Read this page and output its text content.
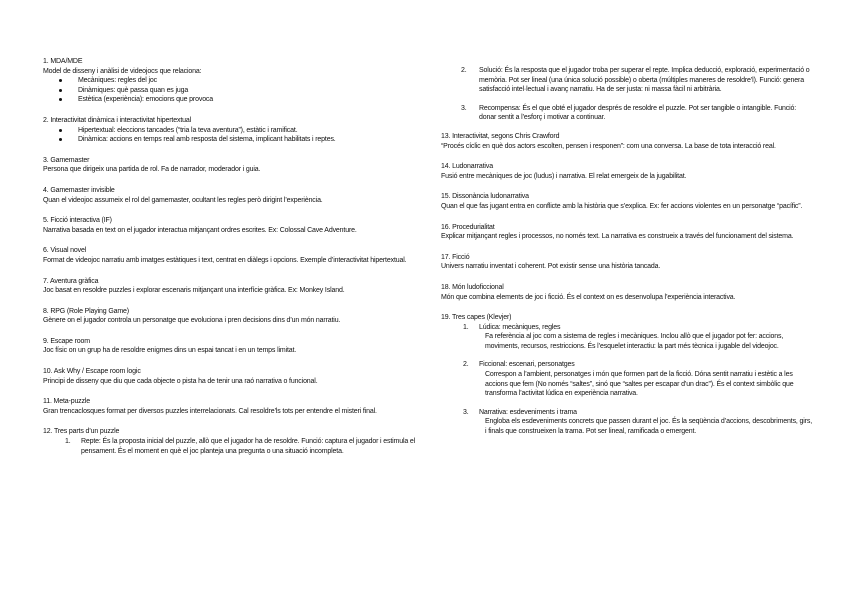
1. MDA/MDE
Model de disseny i anàlisi de videojocs que relaciona:
Mecàniques: regles del joc
Dinàmiques: què passa quan es juga
Estètica (experiència): emocions que provoca
2. Interactivitat dinàmica i interactivitat hipertextual
Hipertextual: eleccions tancades (“tria la teva aventura”), estàtic i ramificat.
Dinàmica: accions en temps real amb resposta del sistema, implicant habilitats i reptes.
3. Gamemaster
Persona que dirigeix una partida de rol. Fa de narrador, moderador i guia.
4. Gamemaster invisible
Quan el videojoc assumeix el rol del gamemaster, ocultant les regles però dirigint l’experiència.
5. Ficció interactiva (IF)
Narrativa basada en text on el jugador interactua mitjançant ordres escrites. Ex: Colossal Cave Adventure.
6. Visual novel
Format de videojoc narratiu amb imatges estàtiques i text, centrat en diàlegs i opcions. Exemple d’interactivitat hipertextual.
7. Aventura gràfica
Joc basat en resoldre puzzles i explorar escenaris mitjançant una interfície gràfica. Ex: Monkey Island.
8. RPG (Role Playing Game)
Gènere on el jugador controla un personatge que evoluciona i pren decisions dins d’un món narratiu.
9. Escape room
Joc físic on un grup ha de resoldre enigmes dins un espai tancat i en un temps limitat.
10. Ask Why / Escape room logic
Principi de disseny que diu que cada objecte o pista ha de tenir una raó narrativa o funcional.
11. Meta-puzzle
Gran trencaclosques format per diversos puzzles interrelacionats. Cal resoldre’ls tots per entendre el misteri final.
12. Tres parts d’un puzzle
1. Repte: És la proposta inicial del puzzle, allò que el jugador ha de resoldre. Funció: captura el jugador i estimula el pensament. És el moment en què el joc planteja una pregunta o una situació incompleta.
2. Solució: És la resposta que el jugador troba per superar el repte. Implica deducció, exploració, experimentació o memòria. Pot ser lineal (una única solució possible) o oberta (múltiples maneres de resoldre’l). Funció: genera satisfacció intel·lectual i avanç narratiu. Ha de ser justa: ni massa fàcil ni arbitrària.
3. Recompensa: És el que obté el jugador després de resoldre el puzzle. Pot ser tangible o intangible. Funció: donar sentit a l’esforç i motivar a continuar.
13. Interactivitat, segons Chris Crawford
“Procés cíclic en què dos actors escolten, pensen i responen”: com una conversa. La base de tota interacció real.
14. Ludonarrativa
Fusió entre mecàniques de joc (ludus) i narrativa. El relat emergeix de la jugabilitat.
15. Dissonància ludonarrativa
Quan el que fas jugant entra en conflicte amb la història que s’explica. Ex: fer accions violentes en un personatge “pacífic”.
16. Procedurialitat
Explicar mitjançant regles i processos, no només text. La narrativa es construeix a través del funcionament del sistema.
17. Ficció
Univers narratiu inventat i coherent. Pot existir sense una història tancada.
18. Món ludoficcional
Món que combina elements de joc i ficció. És el context on es desenvolupa l’experiència interactiva.
19. Tres capes (Klevjer)
1. Lúdica: mecàniques, regles
Fa referència al joc com a sistema de regles i mecàniques. Inclou allò que el jugador pot fer: accions, moviments, recursos, restriccions. És l’esquelet interactiu: la part més tècnica i jugable del videojoc.
2. Ficcional: escenari, personatges
Correspon a l’ambient, personatges i món que formen part de la ficció. Dóna sentit narratiu i estètic a les accions que fem (No només “saltes”, sinó que “saltes per escapar d’un drac”). És el context simbòlic que transforma l’activitat lúdica en experiència narrativa.
3. Narrativa: esdeveniments i trama
Engloba els esdeveniments concrets que passen durant el joc. És la seqüència d’accions, descobriments, girs, i finals que construeixen la trama. Pot ser lineal, ramificada o emergent.
